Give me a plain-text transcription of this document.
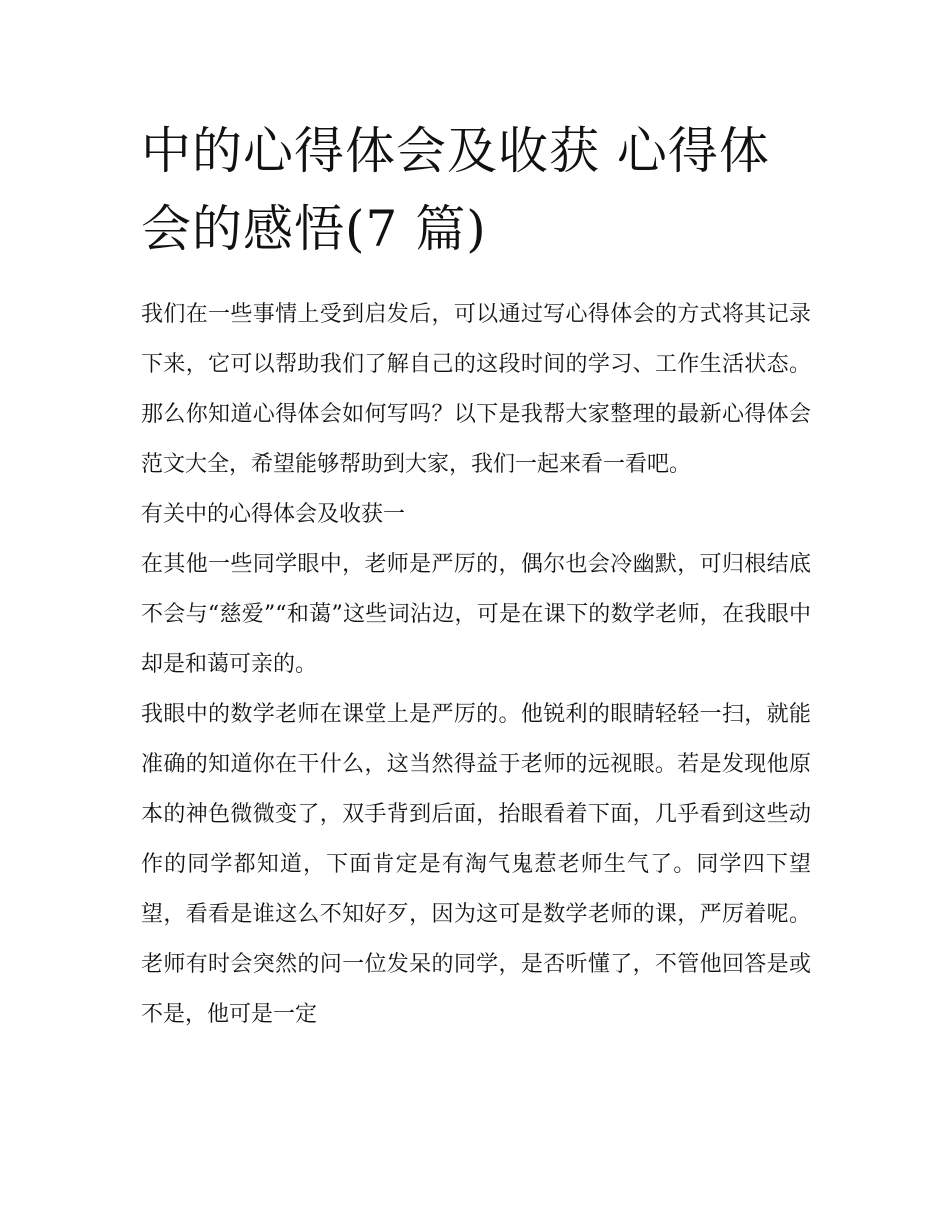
中的心得体会及收获 心得体会的感悟(7 篇)

我们在一些事情上受到启发后，可以通过写心得体会的方式将其记录下来，它可以帮助我们了解自己的这段时间的学习、工作生活状态。那么你知道心得体会如何写吗？以下是我帮大家整理的最新心得体会范文大全，希望能够帮助到大家，我们一起来看一看吧。

有关中的心得体会及收获一

在其他一些同学眼中，老师是严厉的，偶尔也会冷幽默，可归根结底不会与“慈爱”“和蔼”这些词沾边，可是在课下的数学老师，在我眼中却是和蔼可亲的。

我眼中的数学老师在课堂上是严厉的。他锐利的眼睛轻轻一扫，就能准确的知道你在干什么，这当然得益于老师的远视眼。若是发现他原本的神色微微变了，双手背到后面，抬眼看着下面，几乎看到这些动作的同学都知道，下面肯定是有淘气鬼惹老师生气了。同学四下望望，看看是谁这么不知好歹，因为这可是数学老师的课，严厉着呢。老师有时会突然的问一位发呆的同学，是否听懂了，不管他回答是或不是，他可是一定
